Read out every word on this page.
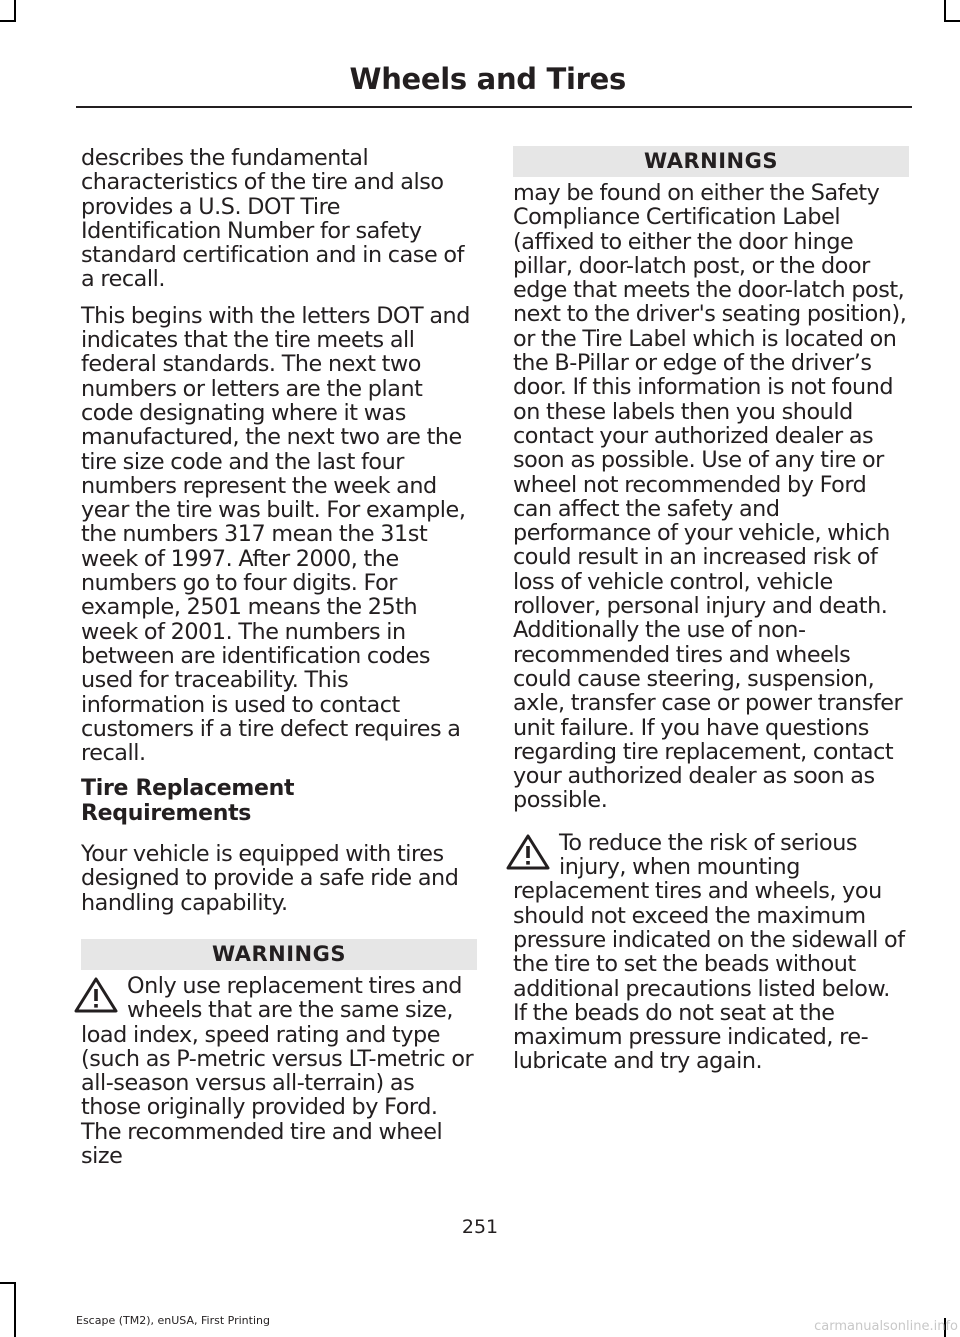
Wheels and Tires

describes the fundamental characteristics of the tire and also provides a U.S. DOT Tire Identification Number for safety standard certification and in case of a recall.

This begins with the letters DOT and indicates that the tire meets all federal standards. The next two numbers or letters are the plant code designating where it was manufactured, the next two are the tire size code and the last four numbers represent the week and year the tire was built. For example, the numbers 317 mean the 31st week of 1997. After 2000, the numbers go to four digits. For example, 2501 means the 25th week of 2001. The numbers in between are identification codes used for traceability. This information is used to contact customers if a tire defect requires a recall.

Tire Replacement Requirements

Your vehicle is equipped with tires designed to provide a safe ride and handling capability.

WARNINGS

Only use replacement tires and wheels that are the same size, load index, speed rating and type (such as P-metric versus LT-metric or all-season versus all-terrain) as those originally provided by Ford. The recommended tire and wheel size

WARNINGS

may be found on either the Safety Compliance Certification Label (affixed to either the door hinge pillar, door-latch post, or the door edge that meets the door-latch post, next to the driver's seating position), or the Tire Label which is located on the B-Pillar or edge of the driver’s door. If this information is not found on these labels then you should contact your authorized dealer as soon as possible. Use of any tire or wheel not recommended by Ford can affect the safety and performance of your vehicle, which could result in an increased risk of loss of vehicle control, vehicle rollover, personal injury and death. Additionally the use of non-recommended tires and wheels could cause steering, suspension, axle, transfer case or power transfer unit failure. If you have questions regarding tire replacement, contact your authorized dealer as soon as possible.

To reduce the risk of serious injury, when mounting replacement tires and wheels, you should not exceed the maximum pressure indicated on the sidewall of the tire to set the beads without additional precautions listed below. If the beads do not seat at the maximum pressure indicated, re-lubricate and try again.

251
Escape (TM2), enUSA, First Printing	carmanualsonline.info
